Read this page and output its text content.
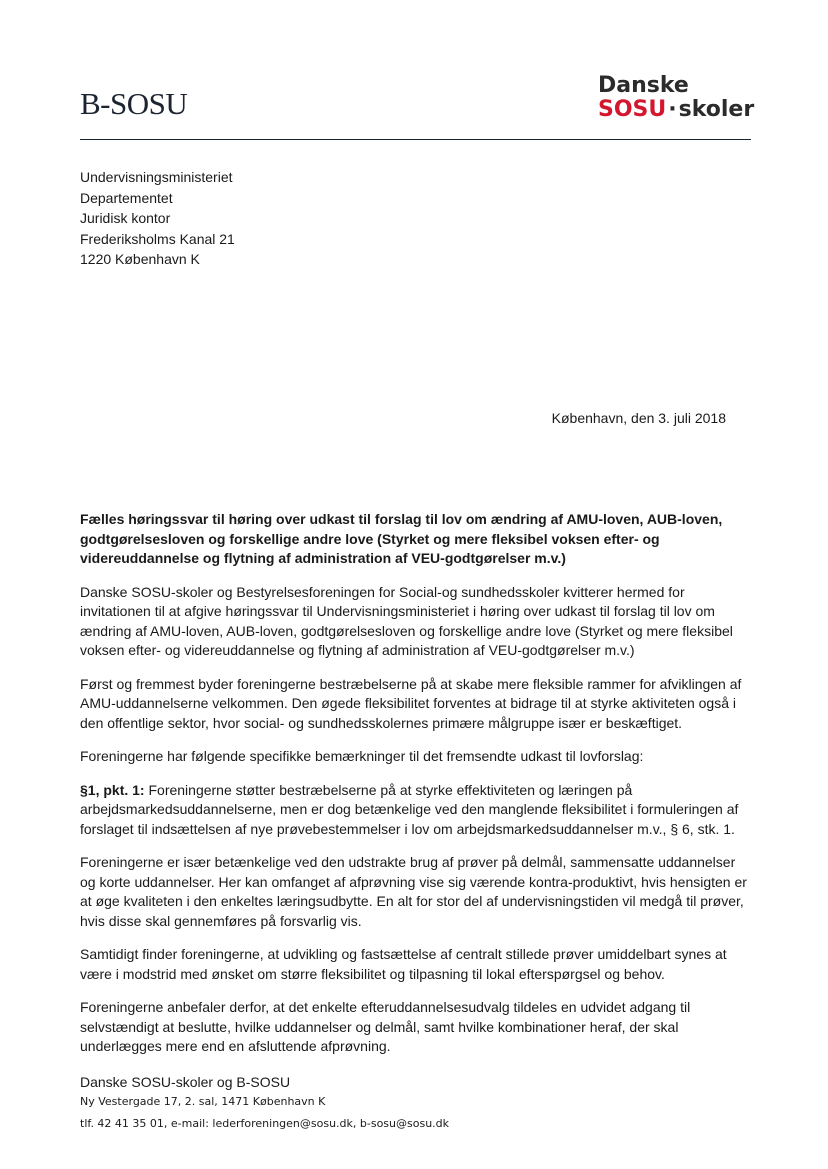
B-SOSU
Danske
SOSU·skoler
Undervisningsministeriet
Departementet
Juridisk kontor
Frederiksholms Kanal 21
1220 København K
København, den 3. juli 2018

Fælles høringssvar til høring over udkast til forslag til lov om ændring af AMU-loven, AUB-loven, godtgørelsesloven og forskellige andre love (Styrket og mere fleksibel voksen efter- og videreuddannelse og flytning af administration af VEU-godtgørelser m.v.)

Danske SOSU-skoler og Bestyrelsesforeningen for Social-og sundhedsskoler kvitterer hermed for invitationen til at afgive høringssvar til Undervisningsministeriet i høring over udkast til forslag til lov om ændring af AMU-loven, AUB-loven, godtgørelsesloven og forskellige andre love (Styrket og mere fleksibel voksen efter- og videreuddannelse og flytning af administration af VEU-godtgørelser m.v.)

Først og fremmest byder foreningerne bestræbelserne på at skabe mere fleksible rammer for afviklingen af AMU-uddannelserne velkommen. Den øgede fleksibilitet forventes at bidrage til at styrke aktiviteten også i den offentlige sektor, hvor social- og sundhedsskolernes primære målgruppe især er beskæftiget.

Foreningerne har følgende specifikke bemærkninger til det fremsendte udkast til lovforslag:

§1, pkt. 1: Foreningerne støtter bestræbelserne på at styrke effektiviteten og læringen på arbejdsmarkedsuddannelserne, men er dog betænkelige ved den manglende fleksibilitet i formuleringen af forslaget til indsættelsen af nye prøvebestemmelser i lov om arbejdsmarkedsuddannelser m.v., § 6, stk. 1.

Foreningerne er især betænkelige ved den udstrakte brug af prøver på delmål, sammensatte uddannelser og korte uddannelser. Her kan omfanget af afprøvning vise sig værende kontra-produktivt, hvis hensigten er at øge kvaliteten i den enkeltes læringsudbytte. En alt for stor del af undervisningstiden vil medgå til prøver, hvis disse skal gennemføres på forsvarlig vis.

Samtidigt finder foreningerne, at udvikling og fastsættelse af centralt stillede prøver umiddelbart synes at være i modstrid med ønsket om større fleksibilitet og tilpasning til lokal efterspørgsel og behov.

Foreningerne anbefaler derfor, at det enkelte efteruddannelsesudvalg tildeles en udvidet adgang til selvstændigt at beslutte, hvilke uddannelser og delmål, samt hvilke kombinationer heraf, der skal underlægges mere end en afsluttende afprøvning.

Danske SOSU-skoler og B-SOSU
Ny Vestergade 17, 2. sal, 1471 København K
tlf. 42 41 35 01, e-mail: lederforeningen@sosu.dk, b-sosu@sosu.dk
